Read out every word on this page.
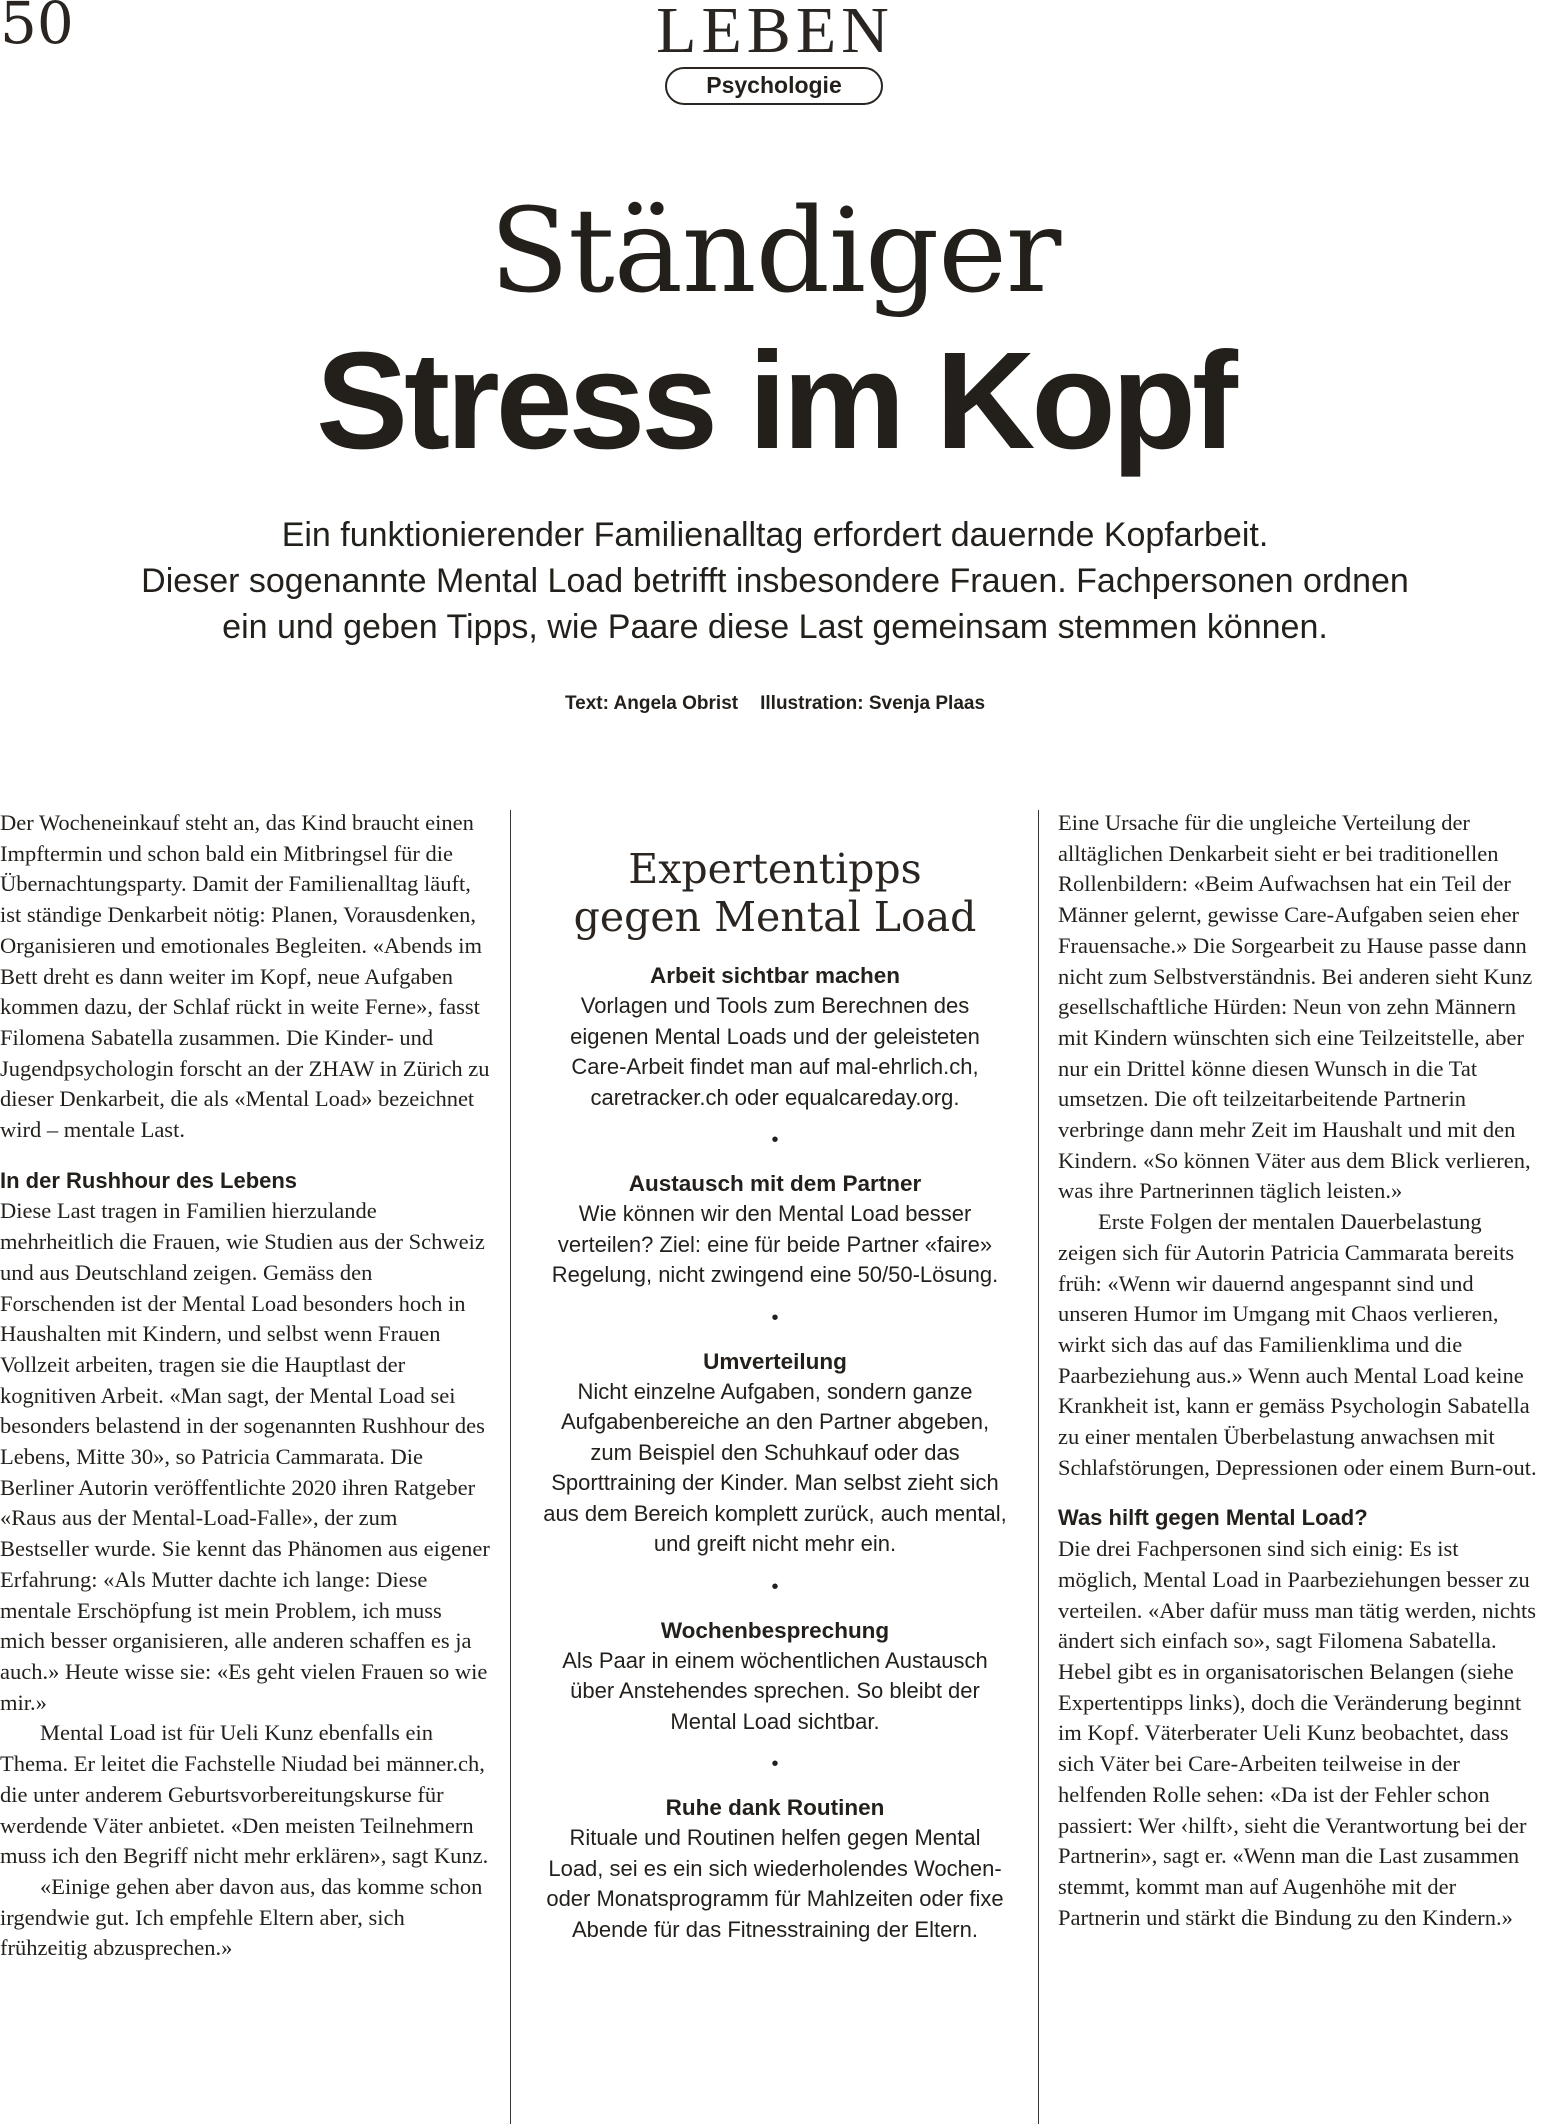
50	LEBEN
Psychologie
Ständiger
Stress im Kopf
Ein funktionierender Familienalltag erfordert dauernde Kopfarbeit.
Dieser sogenannte Mental Load betrifft insbesondere Frauen. Fachpersonen ordnen
ein und geben Tipps, wie Paare diese Last gemeinsam stemmen können.
Text: Angela Obrist Illustration: Svenja Plaas

Der Wocheneinkauf steht an, das Kind braucht einen Impftermin und schon bald ein Mitbringsel für die Übernachtungsparty. Damit der Familienalltag läuft, ist ständige Denkarbeit nötig: Planen, Vorausdenken, Organisieren und emotionales Begleiten. «Abends im Bett dreht es dann weiter im Kopf, neue Aufgaben kommen dazu, der Schlaf rückt in weite Ferne», fasst Filomena Sabatella zusammen. Die Kinder- und Jugendpsychologin forscht an der ZHAW in Zürich zu dieser Denkarbeit, die als «Mental Load» bezeichnet wird – mentale Last.

In der Rushhour des Lebens

Diese Last tragen in Familien hierzulande mehrheitlich die Frauen, wie Studien aus der Schweiz und aus Deutschland zeigen. Gemäss den Forschenden ist der Mental Load besonders hoch in Haushalten mit Kindern, und selbst wenn Frauen Vollzeit arbeiten, tragen sie die Hauptlast der kognitiven Arbeit. «Man sagt, der Mental Load sei besonders belastend in der sogenannten Rushhour des Lebens, Mitte 30», so Patricia Cammarata. Die Berliner Autorin veröffentlichte 2020 ihren Ratgeber «Raus aus der Mental-Load-Falle», der zum Bestseller wurde. Sie kennt das Phänomen aus eigener Erfahrung: «Als Mutter dachte ich lange: Diese mentale Erschöpfung ist mein Problem, ich muss mich besser organisieren, alle anderen schaffen es ja auch.» Heute wisse sie: «Es geht vielen Frauen so wie mir.»

Mental Load ist für Ueli Kunz ebenfalls ein Thema. Er leitet die Fachstelle Niudad bei männer.ch, die unter anderem Geburtsvorbereitungskurse für werdende Väter anbietet. «Den meisten Teilnehmern muss ich den Begriff nicht mehr erklären», sagt Kunz.

«Einige gehen aber davon aus, das komme schon irgendwie gut. Ich empfehle Eltern aber, sich frühzeitig abzusprechen.»

Expertentipps
gegen Mental Load
Arbeit sichtbar machen

Vorlagen und Tools zum Berechnen des eigenen Mental Loads und der geleisteten Care-Arbeit findet man auf mal-ehrlich.ch, caretracker.ch oder equalcareday.org.

•
Austausch mit dem Partner

Wie können wir den Mental Load besser verteilen? Ziel: eine für beide Partner «faire» Regelung, nicht zwingend eine 50/50-Lösung.

•
Umverteilung

Nicht einzelne Aufgaben, sondern ganze Aufgabenbereiche an den Partner abgeben, zum Beispiel den Schuhkauf oder das Sporttraining der Kinder. Man selbst zieht sich aus dem Bereich komplett zurück, auch mental, und greift nicht mehr ein.

•
Wochenbesprechung

Als Paar in einem wöchentlichen Austausch über Anstehendes sprechen. So bleibt der Mental Load sichtbar.

•
Ruhe dank Routinen

Rituale und Routinen helfen gegen Mental Load, sei es ein sich wiederholendes Wochen- oder Monatsprogramm für Mahlzeiten oder fixe Abende für das Fitnesstraining der Eltern.

Eine Ursache für die ungleiche Verteilung der alltäglichen Denkarbeit sieht er bei traditionellen Rollenbildern: «Beim Aufwachsen hat ein Teil der Männer gelernt, gewisse Care-Aufgaben seien eher Frauensache.» Die Sorgearbeit zu Hause passe dann nicht zum Selbstverständnis. Bei anderen sieht Kunz gesellschaftliche Hürden: Neun von zehn Männern mit Kindern wünschten sich eine Teilzeitstelle, aber nur ein Drittel könne diesen Wunsch in die Tat umsetzen. Die oft teilzeitarbeitende Partnerin verbringe dann mehr Zeit im Haushalt und mit den Kindern. «So können Väter aus dem Blick verlieren, was ihre Partnerinnen täglich leisten.»

Erste Folgen der mentalen Dauerbelastung zeigen sich für Autorin Patricia Cammarata bereits früh: «Wenn wir dauernd angespannt sind und unseren Humor im Umgang mit Chaos verlieren, wirkt sich das auf das Familienklima und die Paarbeziehung aus.» Wenn auch Mental Load keine Krankheit ist, kann er gemäss Psychologin Sabatella zu einer mentalen Überbelastung anwachsen mit Schlafstörungen, Depressionen oder einem Burn-out.

Was hilft gegen Mental Load?

Die drei Fachpersonen sind sich einig: Es ist möglich, Mental Load in Paarbeziehungen besser zu verteilen. «Aber dafür muss man tätig werden, nichts ändert sich einfach so», sagt Filomena Sabatella. Hebel gibt es in organisatorischen Belangen (siehe Expertentipps links), doch die Veränderung beginnt im Kopf. Väterberater Ueli Kunz beobachtet, dass sich Väter bei Care-Arbeiten teilweise in der helfenden Rolle sehen: «Da ist der Fehler schon passiert: Wer ‹hilft›, sieht die Verantwortung bei der Partnerin», sagt er. «Wenn man die Last zusammen stemmt, kommt man auf Augenhöhe mit der Partnerin und stärkt die Bindung zu den Kindern.»
